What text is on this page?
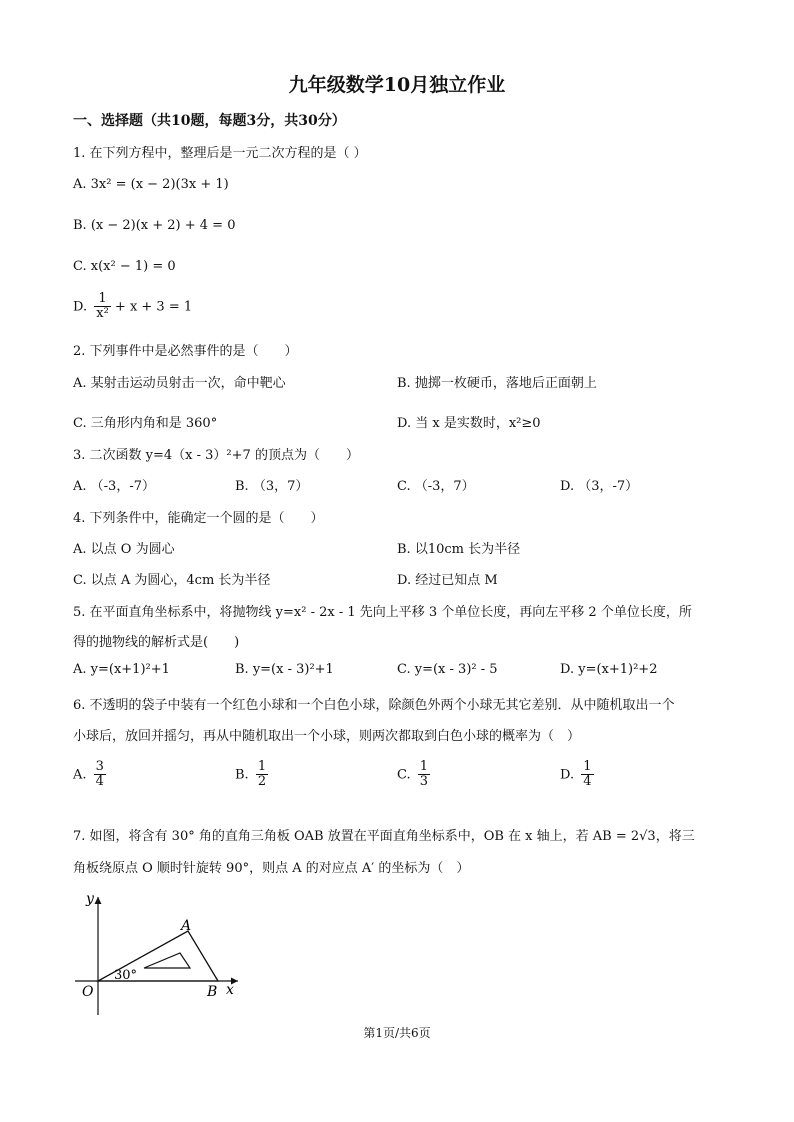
九年级数学10月独立作业
一、选择题（共10题，每题3分，共30分）
1. 在下列方程中，整理后是一元二次方程的是（ ）
A. 3x² = (x − 2)(3x + 1)
B. (x − 2)(x + 2) + 4 = 0
C. x(x² − 1) = 0
D. $\frac{1}{\text{x²}} + x + 3 = 1$
2. 下列事件中是必然事件的是（　　）
A. 某射击运动员射击一次，命中靶心	B. 抛掷一枚硬币，落地后正面朝上
C. 三角形内角和是 360°	D. 当 x 是实数时，x²≥0
3. 二次函数 y=4（x - 3）²+7 的顶点为（　　）
A. （-3，-7）	B. （3，7）	C. （-3，7）	D. （3，-7）
4. 下列条件中，能确定一个圆的是（　　）
A. 以点 O 为圆心	B. 以10cm 长为半径
C. 以点 A 为圆心，4cm 长为半径	D. 经过已知点 M
5. 在平面直角坐标系中，将抛物线 y=x² - 2x - 1 先向上平移 3 个单位长度，再向左平移 2 个单位长度，所
得的抛物线的解析式是(　　)
A. y=(x+1)²+1	B. y=(x - 3)²+1	C. y=(x - 3)² - 5	D. y=(x+1)²+2
6. 不透明的袋子中装有一个红色小球和一个白色小球，除颜色外两个小球无其它差别．从中随机取出一个
小球后，放回并摇匀，再从中随机取出一个小球，则两次都取到白色小球的概率为（　）
A. $\frac{3}{4}$	B. $\frac{1}{2}$	C. $\frac{1}{3}$	D. $\frac{1}{4}$
7. 如图，将含有 30° 角的直角三角板 OAB 放置在平面直角坐标系中，OB 在 x 轴上，若 AB = 2√3，将三
角板绕原点 O 顺时针旋转 90°，则点 A 的对应点 A′ 的坐标为（　）
y
x
O
A
B
30°
第1页/共6页
